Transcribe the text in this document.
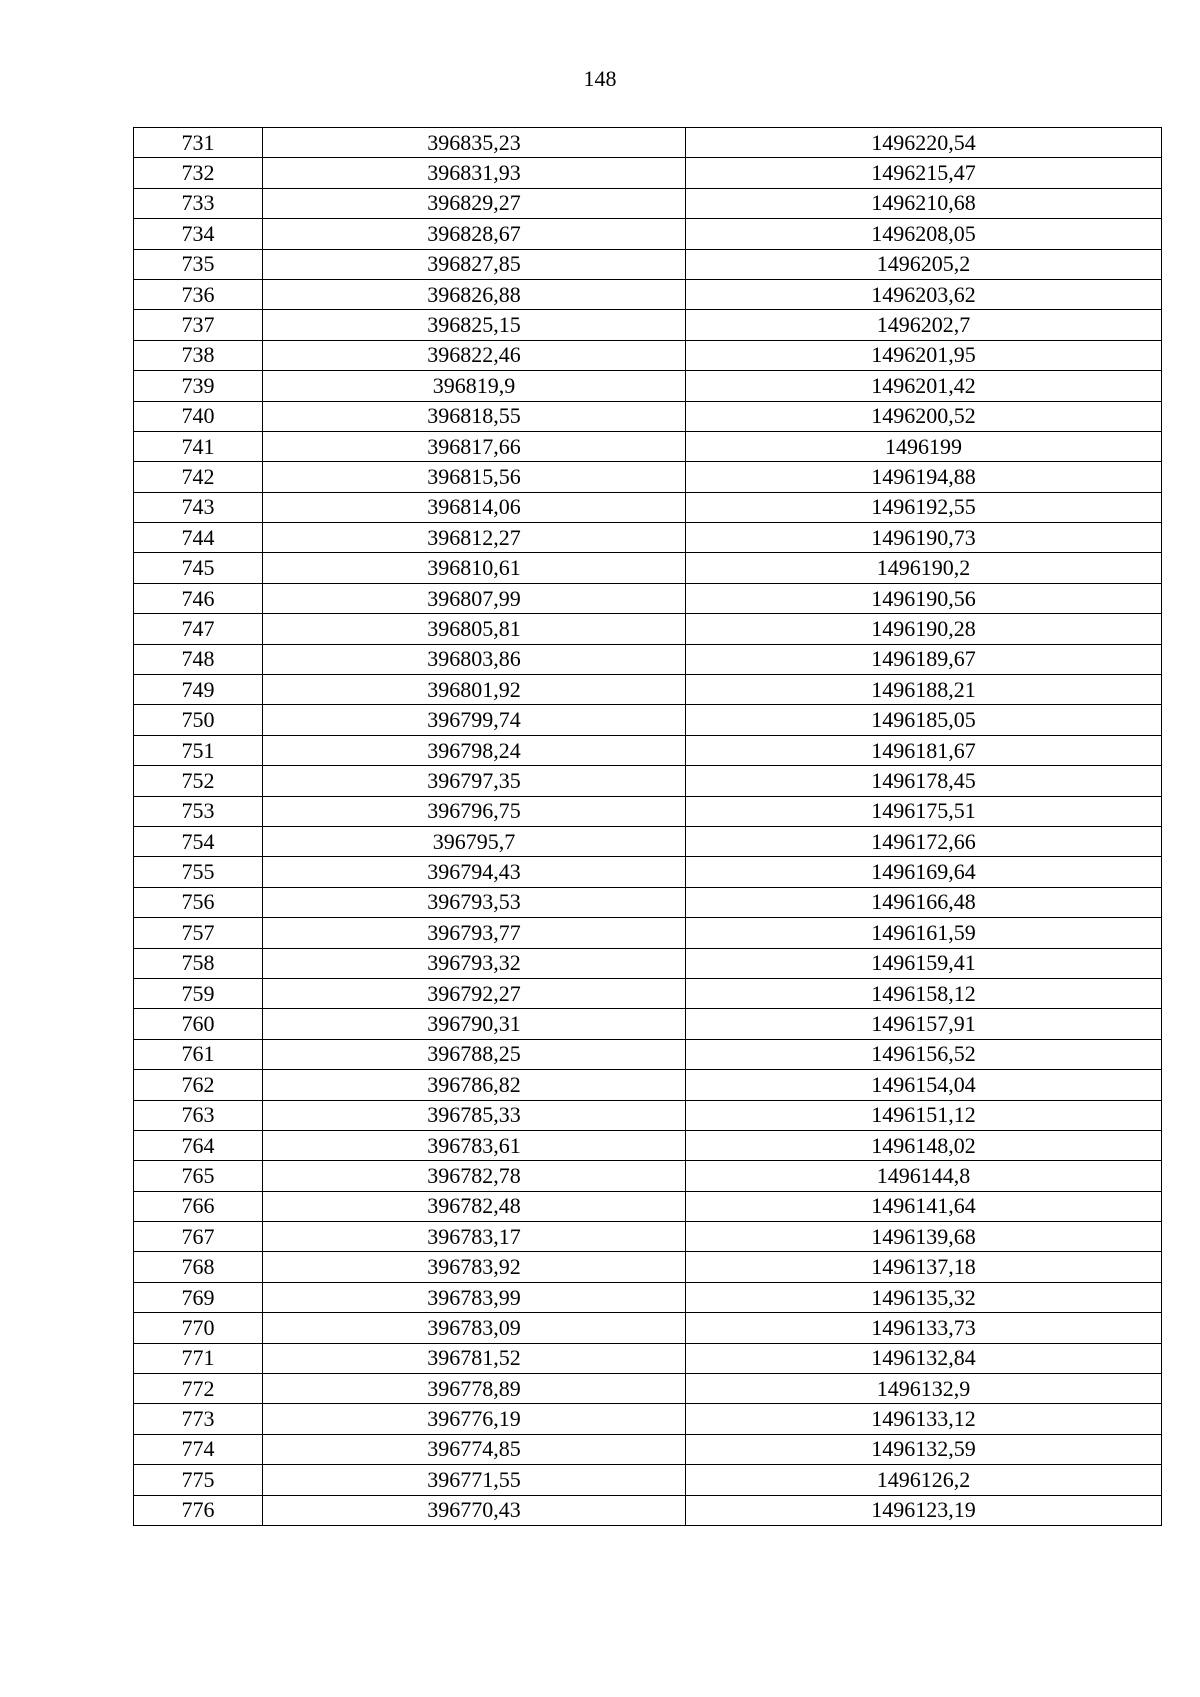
148
731	396835,23	1496220,54
732	396831,93	1496215,47
733	396829,27	1496210,68
734	396828,67	1496208,05
735	396827,85	1496205,2
736	396826,88	1496203,62
737	396825,15	1496202,7
738	396822,46	1496201,95
739	396819,9	1496201,42
740	396818,55	1496200,52
741	396817,66	1496199
742	396815,56	1496194,88
743	396814,06	1496192,55
744	396812,27	1496190,73
745	396810,61	1496190,2
746	396807,99	1496190,56
747	396805,81	1496190,28
748	396803,86	1496189,67
749	396801,92	1496188,21
750	396799,74	1496185,05
751	396798,24	1496181,67
752	396797,35	1496178,45
753	396796,75	1496175,51
754	396795,7	1496172,66
755	396794,43	1496169,64
756	396793,53	1496166,48
757	396793,77	1496161,59
758	396793,32	1496159,41
759	396792,27	1496158,12
760	396790,31	1496157,91
761	396788,25	1496156,52
762	396786,82	1496154,04
763	396785,33	1496151,12
764	396783,61	1496148,02
765	396782,78	1496144,8
766	396782,48	1496141,64
767	396783,17	1496139,68
768	396783,92	1496137,18
769	396783,99	1496135,32
770	396783,09	1496133,73
771	396781,52	1496132,84
772	396778,89	1496132,9
773	396776,19	1496133,12
774	396774,85	1496132,59
775	396771,55	1496126,2
776	396770,43	1496123,19
